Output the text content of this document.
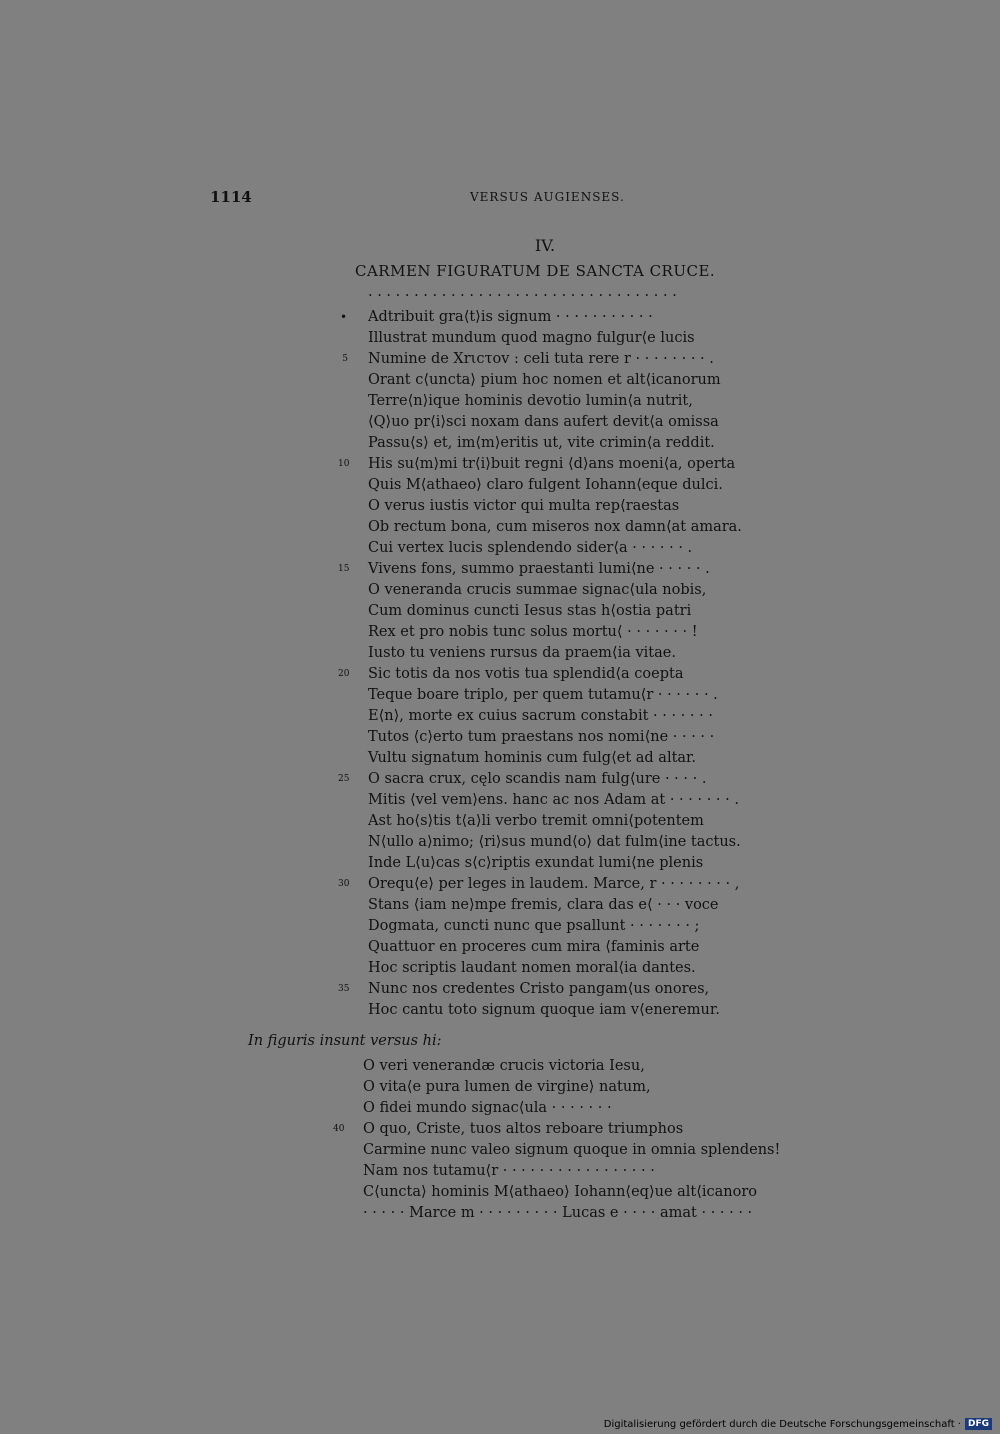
1114	VERSUS AUGIENSES.
IV.
CARMEN FIGURATUM DE SANCTA CRUCE.
· · · · · · · · · · · · · · · · · · · · · · · · · · · · · · · · · ·
• Adtribuit gra⟨t⟩is signum · · · · · · · · · · ·
Illustrat mundum quod magno fulgur⟨e lucis
5 Numine de Xrιcτov : celi tuta rere r · · · · · · · · .
Orant c⟨uncta⟩ pium hoc nomen et alt⟨icanorum
Terre⟨n⟩ique hominis devotio lumin⟨a nutrit,
⟨Q⟩uo pr⟨i⟩sci noxam dans aufert devit⟨a omissa
Passu⟨s⟩ et, im⟨m⟩eritis ut, vite crimin⟨a reddit.
10 His su⟨m⟩mi tr⟨i⟩buit regni ⟨d⟩ans moeni⟨a, operta
Quis M⟨athaeo⟩ claro fulgent Iohann⟨eque dulci.
O verus iustis victor qui multa rep⟨raestas
Ob rectum bona, cum miseros nox damn⟨at amara.
Cui vertex lucis splendendo sider⟨a · · · · · · .
15 Vivens fons, summo praestanti lumi⟨ne · · · · · .
O veneranda crucis summae signac⟨ula nobis,
Cum dominus cuncti Iesus stas h⟨ostia patri
Rex et pro nobis tunc solus mortu⟨ · · · · · · · !
Iusto tu veniens rursus da praem⟨ia vitae.
20 Sic totis da nos votis tua splendid⟨a coepta
Teque boare triplo, per quem tutamu⟨r · · · · · · .
E⟨n⟩, morte ex cuius sacrum constabit · · · · · · ·
Tutos ⟨c⟩erto tum praestans nos nomi⟨ne · · · · ·
Vultu signatum hominis cum fulg⟨et ad altar.
25 O sacra crux, cęlo scandis nam fulg⟨ure · · · · .
Mitis ⟨vel vem⟩ens. hanc ac nos Adam at · · · · · · · .
Ast ho⟨s⟩tis t⟨a⟩li verbo tremit omni⟨potentem
N⟨ullo a⟩nimo; ⟨ri⟩sus mund⟨o⟩ dat fulm⟨ine tactus.
Inde L⟨u⟩cas s⟨c⟩riptis exundat lumi⟨ne plenis
30 Orequ⟨e⟩ per leges in laudem. Marce, r · · · · · · · · ,
Stans ⟨iam ne⟩mpe fremis, clara das e⟨ · · · voce
Dogmata, cuncti nunc que psallunt · · · · · · · ;
Quattuor en proceres cum mira ⟨faminis arte
Hoc scriptis laudant nomen moral⟨ia dantes.
35 Nunc nos credentes Cristo pangam⟨us onores,
Hoc cantu toto signum quoque iam v⟨eneremur.
In figuris insunt versus hi:
O veri venerandæ crucis victoria Iesu,
O vita⟨e pura lumen de virgine⟩ natum,
O fidei mundo signac⟨ula · · · · · · ·
40 O quo, Criste, tuos altos reboare triumphos
Carmine nunc valeo signum quoque in omnia splendens!
Nam nos tutamu⟨r · · · · · · · · · · · · · · · · ·
C⟨uncta⟩ hominis M⟨athaeo⟩ Iohann⟨eq⟩ue alt⟨icanoro
· · · · · Marce m · · · · · · · · · Lucas e · · · · amat · · · · · ·
Digitalisierung gefördert durch die Deutsche Forschungsgemeinschaft · DFG
